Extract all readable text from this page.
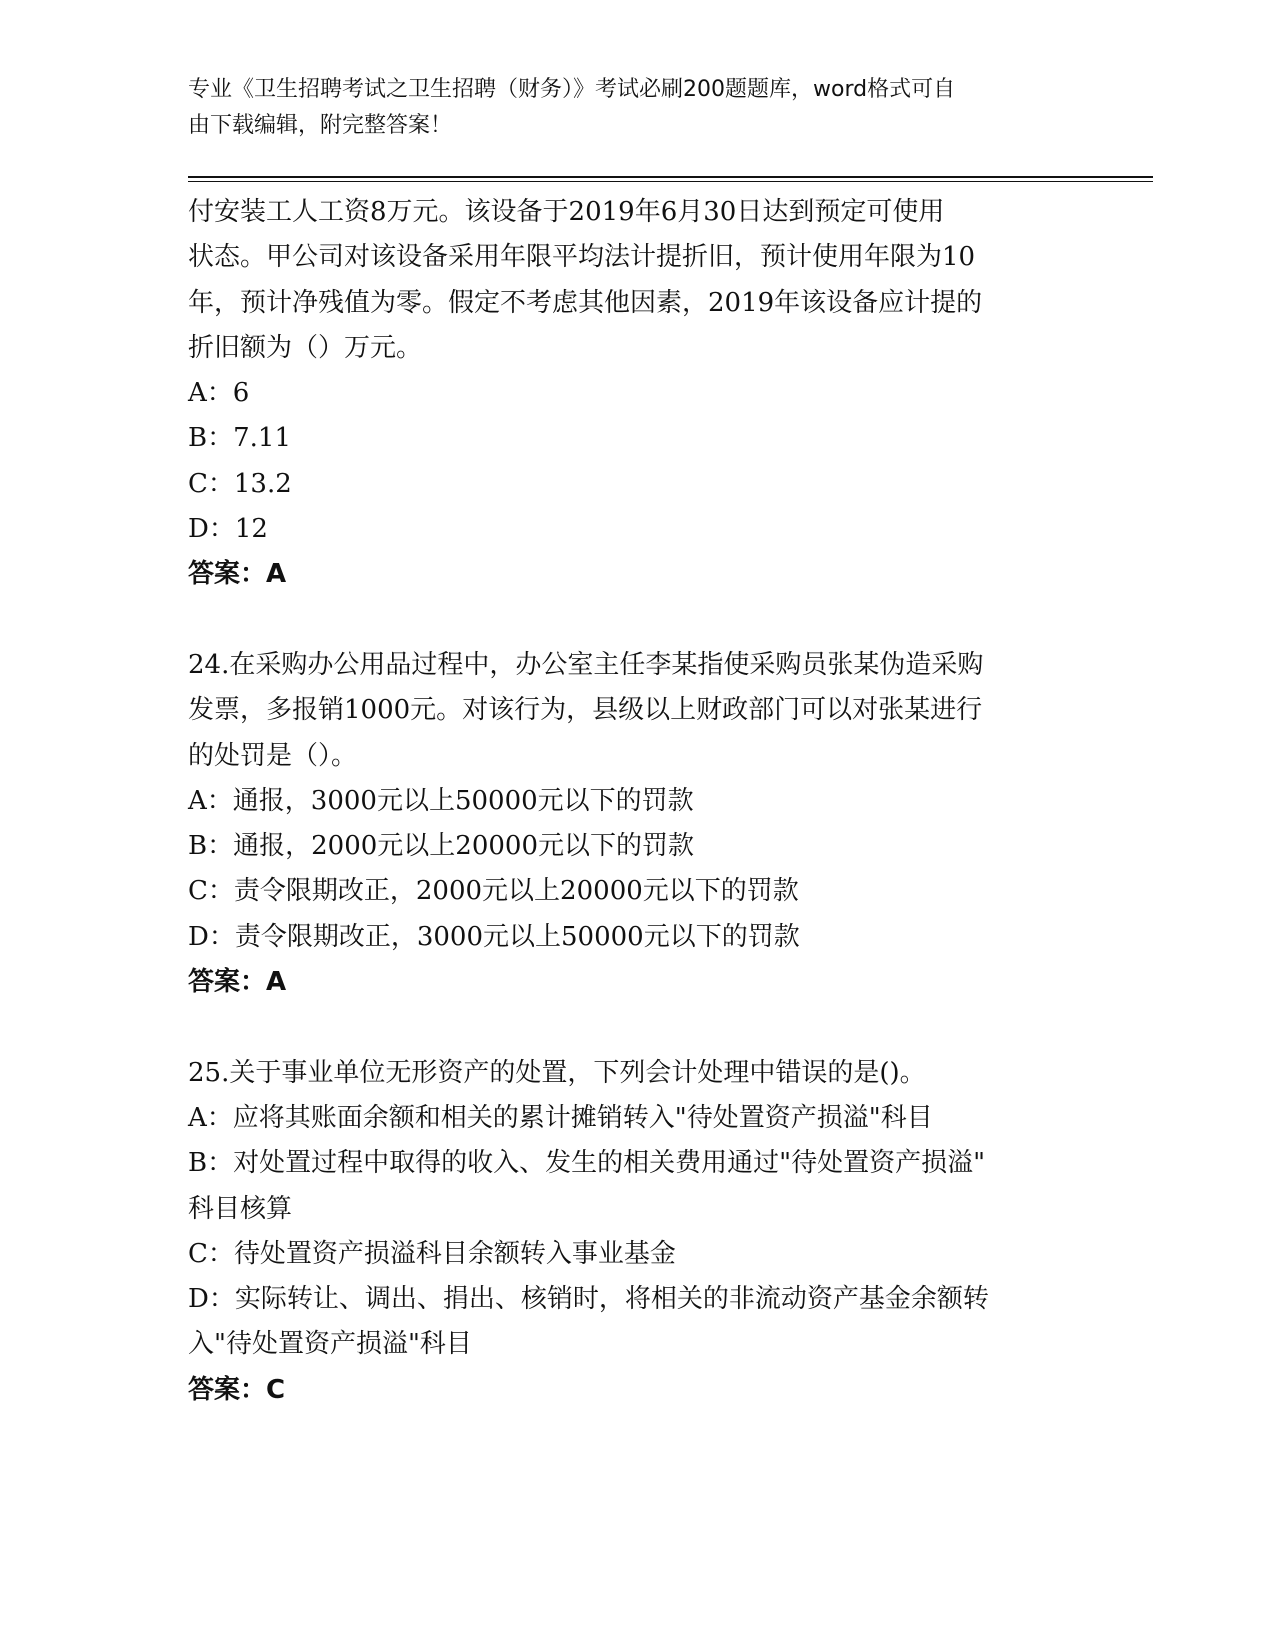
专业《卫生招聘考试之卫生招聘（财务）》考试必刷200题题库，word格式可自
由下载编辑，附完整答案！
付安装工人工资8万元。该设备于2019年6月30日达到预定可使用
状态。甲公司对该设备采用年限平均法计提折旧，预计使用年限为10
年，预计净残值为零。假定不考虑其他因素，2019年该设备应计提的
折旧额为（）万元。
A：6
B：7.11
C：13.2
D：12
答案：A
24.在采购办公用品过程中，办公室主任李某指使采购员张某伪造采购
发票，多报销1000元。对该行为，县级以上财政部门可以对张某进行
的处罚是（）。
A：通报，3000元以上50000元以下的罚款
B：通报，2000元以上20000元以下的罚款
C：责令限期改正，2000元以上20000元以下的罚款
D：责令限期改正，3000元以上50000元以下的罚款
答案：A
25.关于事业单位无形资产的处置，下列会计处理中错误的是()。
A：应将其账面余额和相关的累计摊销转入"待处置资产损溢"科目
B：对处置过程中取得的收入、发生的相关费用通过"待处置资产损溢"
科目核算
C：待处置资产损溢科目余额转入事业基金
D：实际转让、调出、捐出、核销时，将相关的非流动资产基金余额转
入"待处置资产损溢"科目
答案：C
